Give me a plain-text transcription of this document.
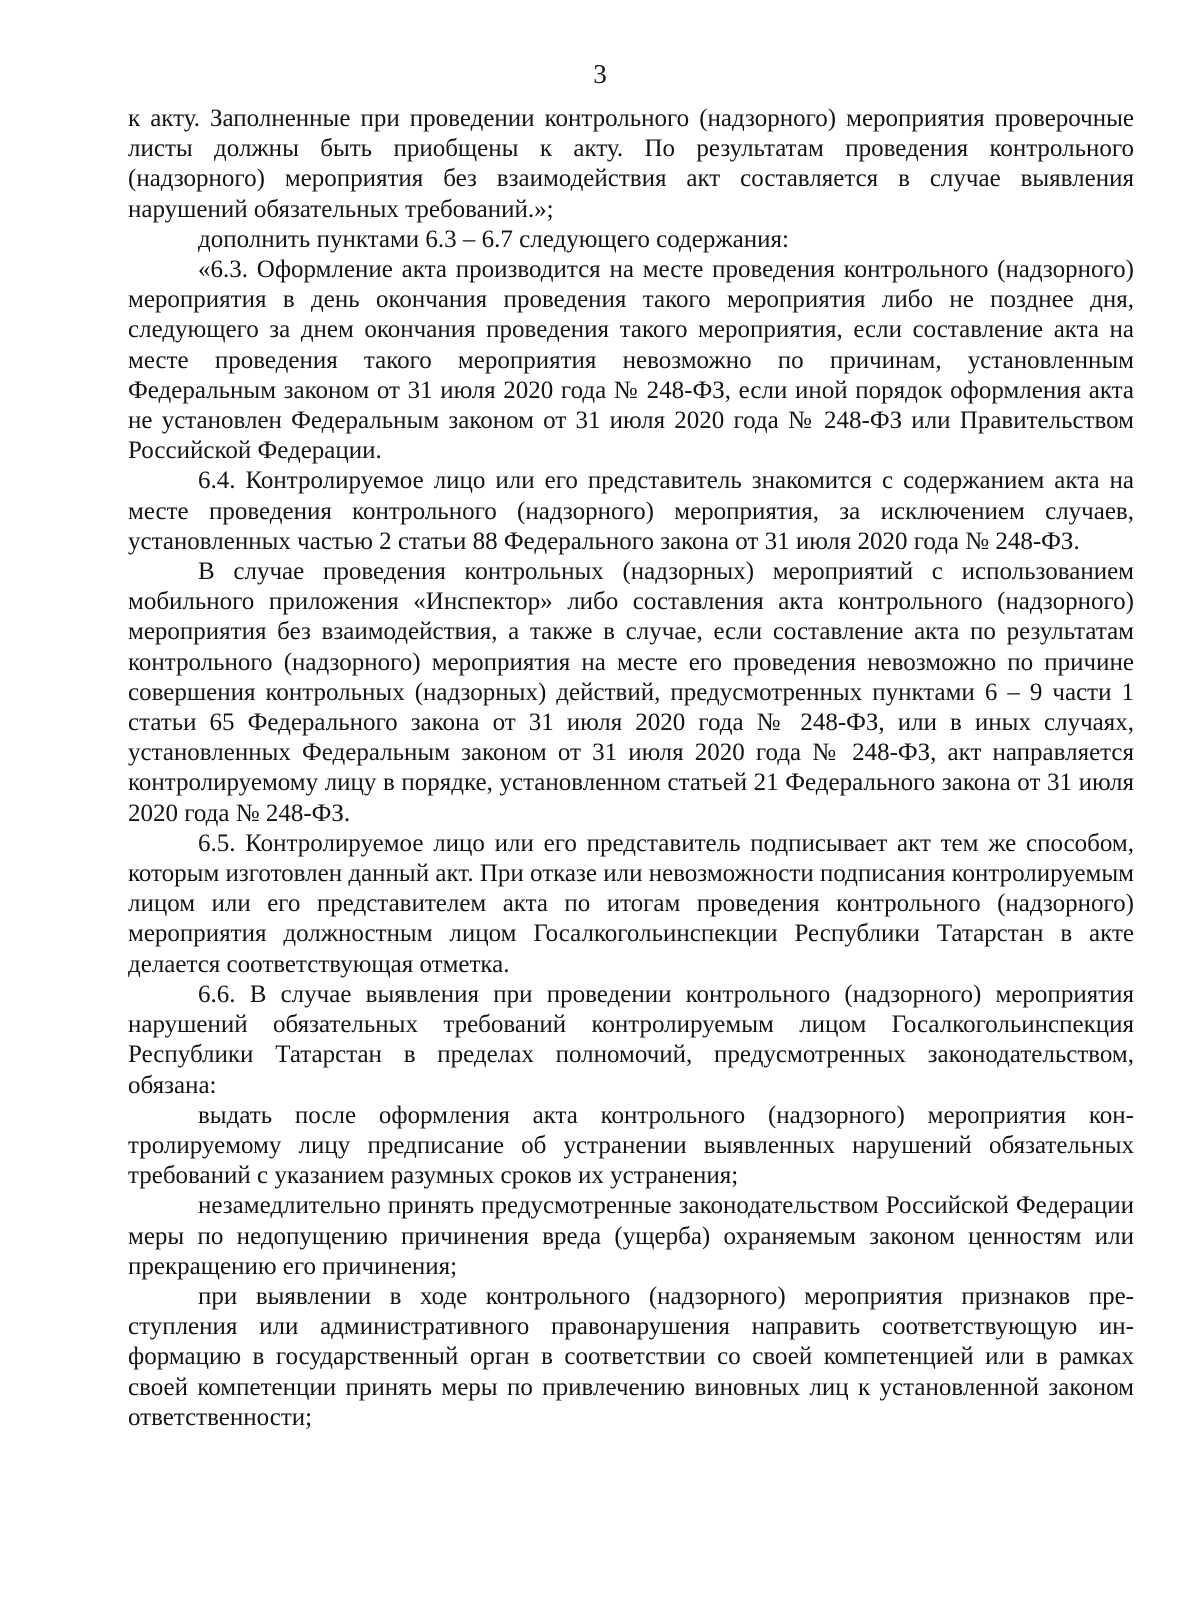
3

к акту. Заполненные при проведении контрольного (надзорного) мероприятия проверочные листы должны быть приобщены к акту. По результатам проведения контрольного (надзорного) мероприятия без взаимодействия акт составляется в случае выявления нарушений обязательных требований.»;

дополнить пунктами 6.3 – 6.7 следующего содержания:

«6.3. Оформление акта производится на месте проведения контрольного (надзорного) мероприятия в день окончания проведения такого мероприятия либо не позднее дня, следующего за днем окончания проведения такого мероприятия, если составление акта на месте проведения такого мероприятия невозможно по причинам, установленным Федеральным законом от 31 июля 2020 года № 248-ФЗ, если иной порядок оформления акта не установлен Федеральным законом от 31 июля 2020 года № 248-ФЗ или Правительством Российской Федерации.

6.4. Контролируемое лицо или его представитель знакомится с содержанием акта на месте проведения контрольного (надзорного) мероприятия, за исключением случаев, установленных частью 2 статьи 88 Федерального закона от 31 июля 2020 года № 248-ФЗ.

В случае проведения контрольных (надзорных) мероприятий с использованием мобильного приложения «Инспектор» либо составления акта контрольного (надзорного) мероприятия без взаимодействия, а также в случае, если составление акта по результатам контрольного (надзорного) мероприятия на месте его проведения невозможно по причине совершения контрольных (надзорных) действий, предусмотренных пунктами 6 – 9 части 1 статьи 65 Федерального закона от 31 июля 2020 года № 248-ФЗ, или в иных случаях, установленных Федеральным законом от 31 июля 2020 года № 248-ФЗ, акт направляется контролируемому лицу в порядке, установленном статьей 21 Федерального закона от 31 июля 2020 года № 248-ФЗ.

6.5. Контролируемое лицо или его представитель подписывает акт тем же способом, которым изготовлен данный акт. При отказе или невозможности подписания контролируемым лицом или его представителем акта по итогам проведения контрольного (надзорного) мероприятия должностным лицом Госалкогольинспекции Республики Татарстан в акте делается соответствующая отметка.

6.6. В случае выявления при проведении контрольного (надзорного) мероприятия нарушений обязательных требований контролируемым лицом Госалкогольинспекция Республики Татарстан в пределах полномочий, предусмотренных законодательством, обязана:

выдать после оформления акта контрольного (надзорного) мероприятия контролируемому лицу предписание об устранении выявленных нарушений обязательных требований с указанием разумных сроков их устранения;

незамедлительно принять предусмотренные законодательством Российской Федерации меры по недопущению причинения вреда (ущерба) охраняемым законом ценностям или прекращению его причинения;

при выявлении в ходе контрольного (надзорного) мероприятия признаков преступления или административного правонарушения направить соответствующую информацию в государственный орган в соответствии со своей компетенцией или в рамках своей компетенции принять меры по привлечению виновных лиц к установленной законом ответственности;
